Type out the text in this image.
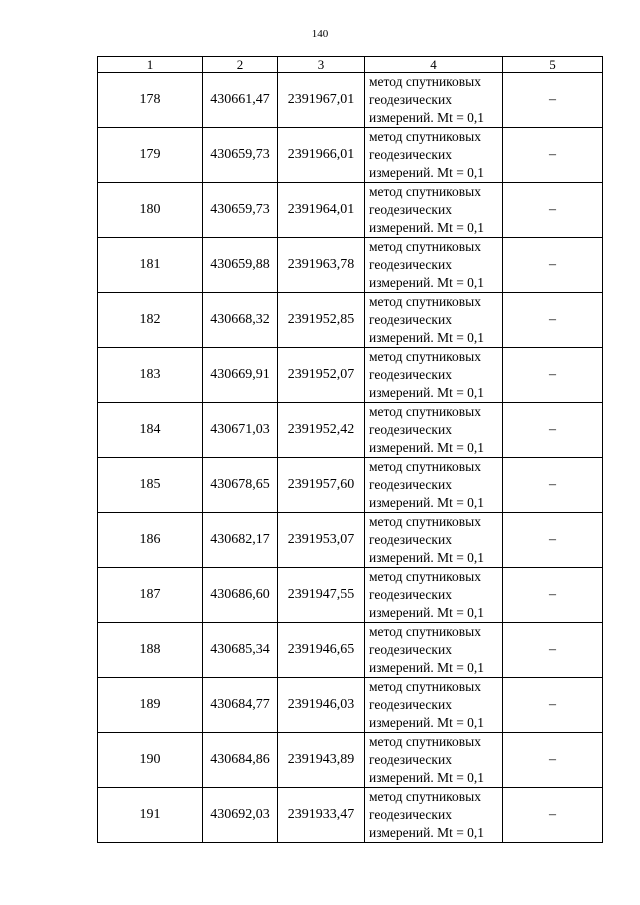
140
1	2	3	4	5
178	430661,47	2391967,01	метод спутниковых
геодезических
измерений. Mt = 0,1	–
179	430659,73	2391966,01	метод спутниковых
геодезических
измерений. Mt = 0,1	–
180	430659,73	2391964,01	метод спутниковых
геодезических
измерений. Mt = 0,1	–
181	430659,88	2391963,78	метод спутниковых
геодезических
измерений. Mt = 0,1	–
182	430668,32	2391952,85	метод спутниковых
геодезических
измерений. Mt = 0,1	–
183	430669,91	2391952,07	метод спутниковых
геодезических
измерений. Mt = 0,1	–
184	430671,03	2391952,42	метод спутниковых
геодезических
измерений. Mt = 0,1	–
185	430678,65	2391957,60	метод спутниковых
геодезических
измерений. Mt = 0,1	–
186	430682,17	2391953,07	метод спутниковых
геодезических
измерений. Mt = 0,1	–
187	430686,60	2391947,55	метод спутниковых
геодезических
измерений. Mt = 0,1	–
188	430685,34	2391946,65	метод спутниковых
геодезических
измерений. Mt = 0,1	–
189	430684,77	2391946,03	метод спутниковых
геодезических
измерений. Mt = 0,1	–
190	430684,86	2391943,89	метод спутниковых
геодезических
измерений. Mt = 0,1	–
191	430692,03	2391933,47	метод спутниковых
геодезических
измерений. Mt = 0,1	–
